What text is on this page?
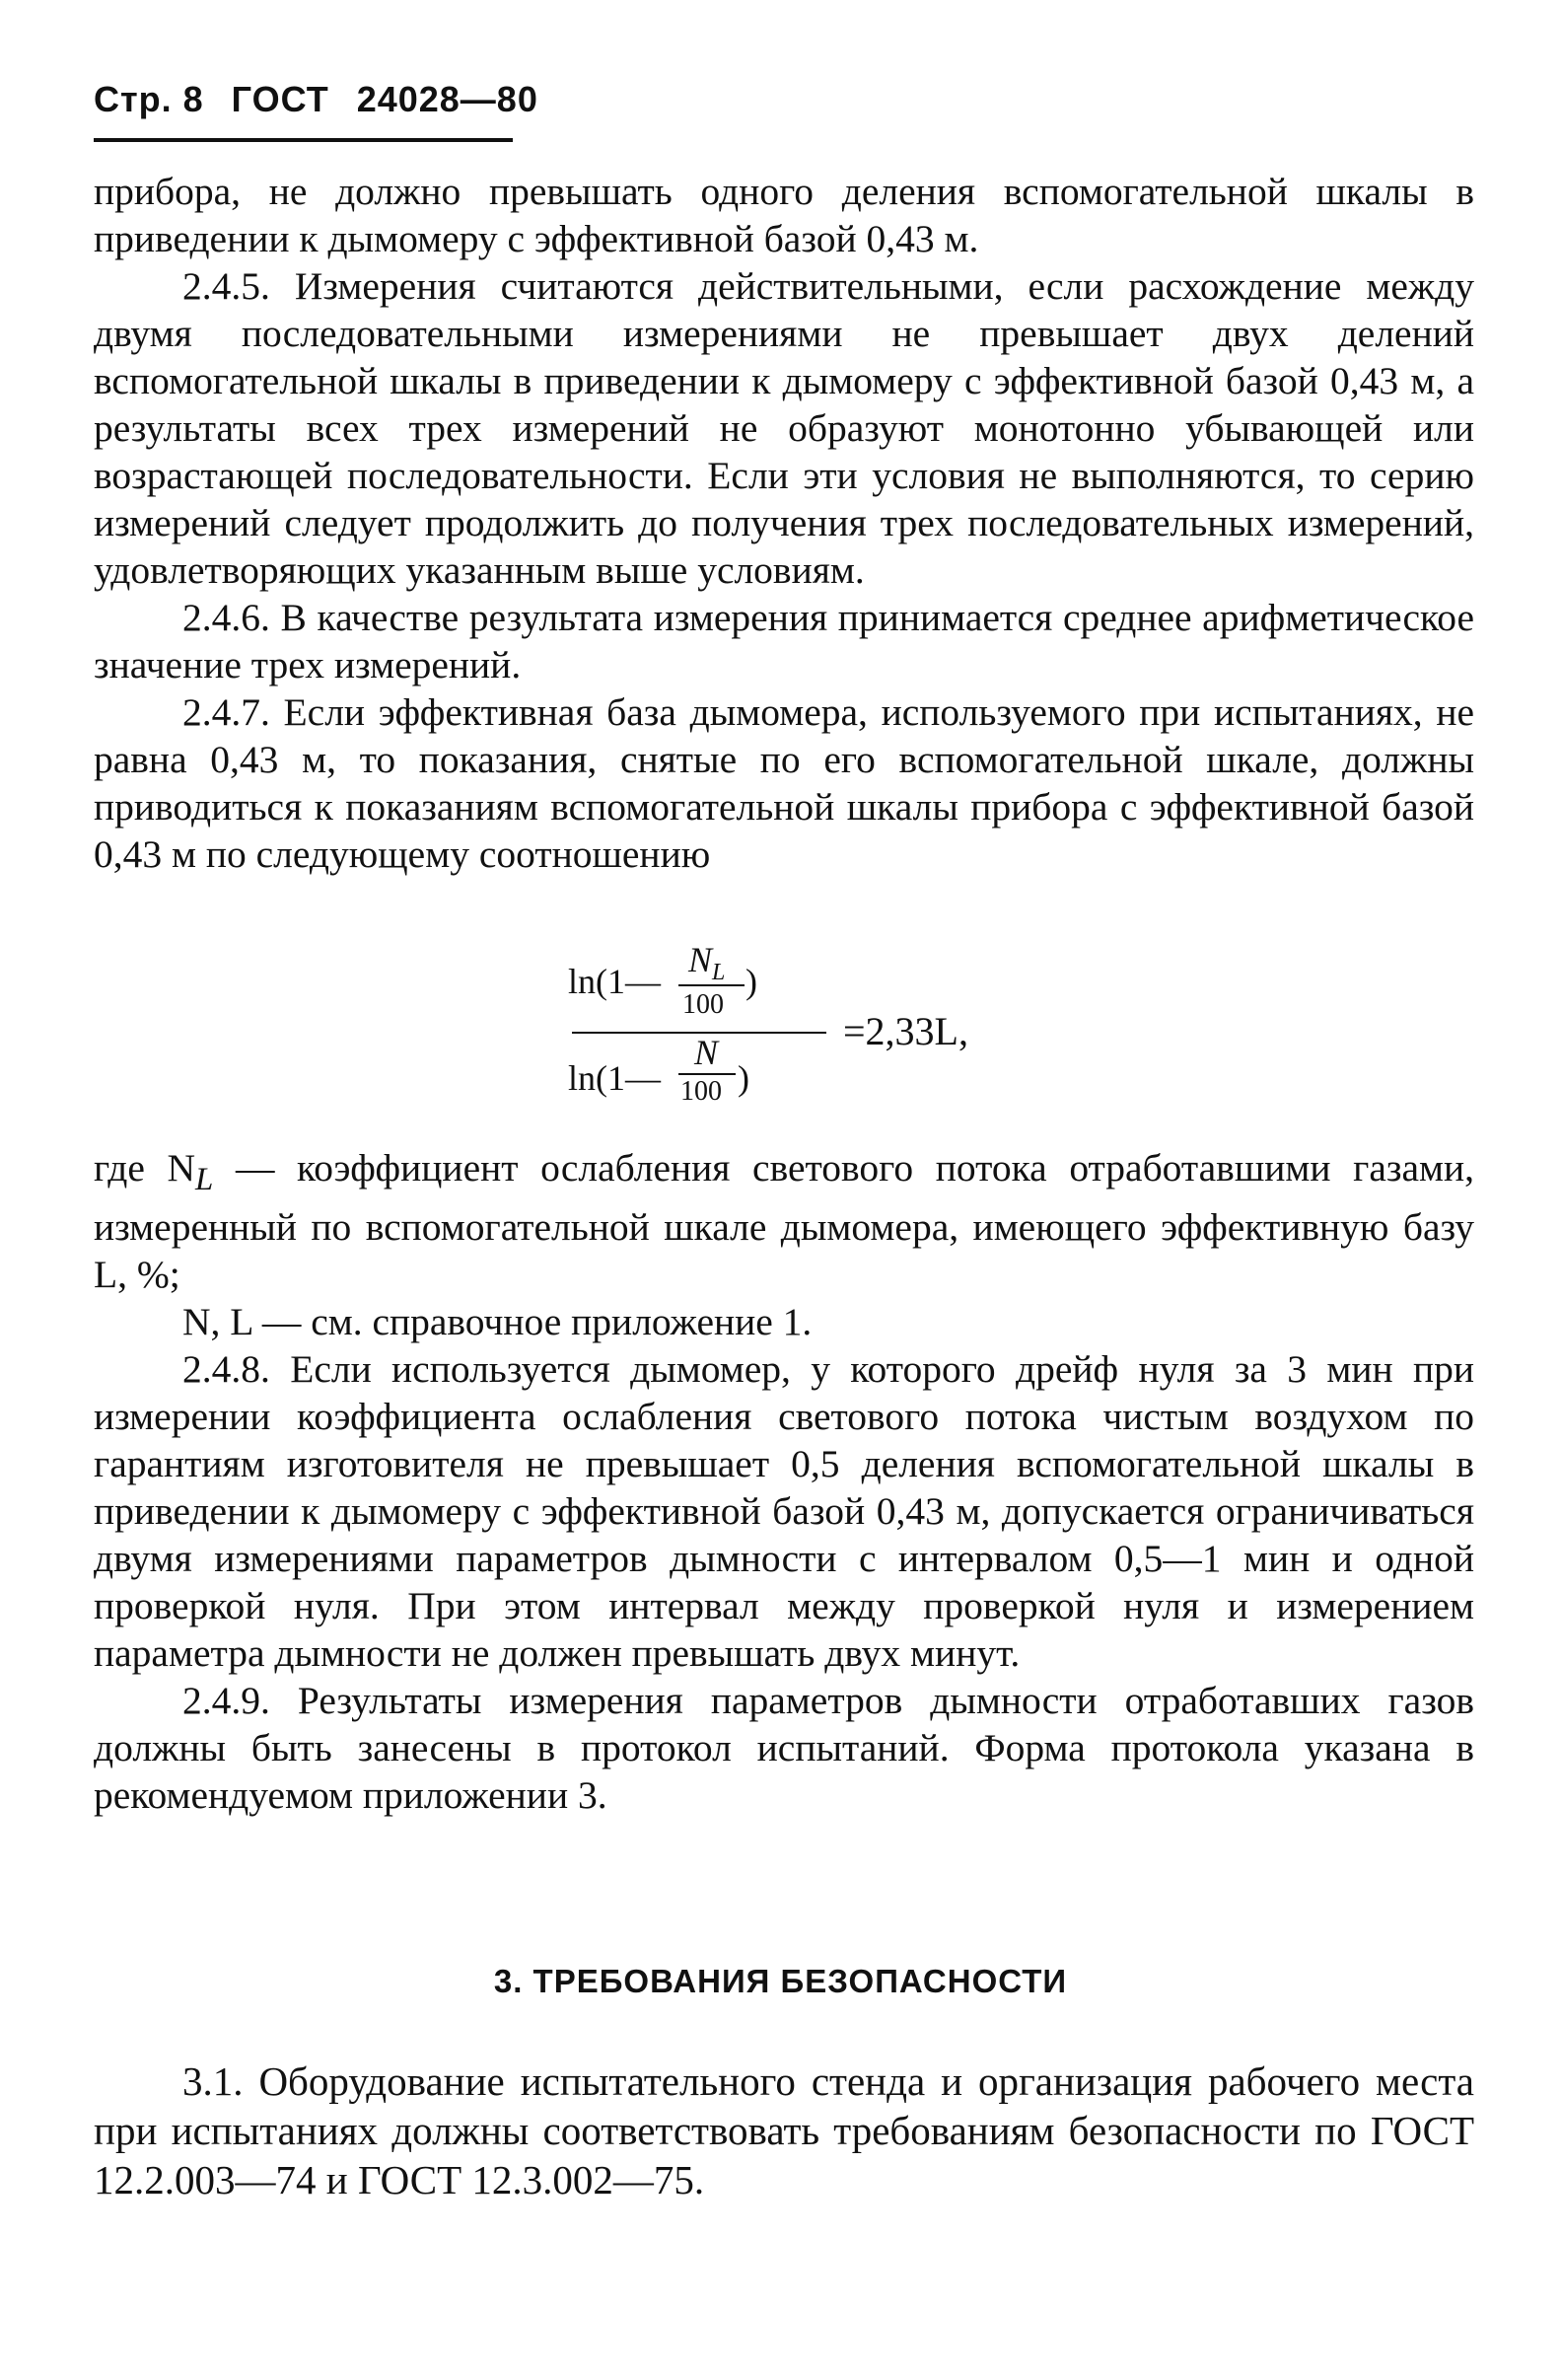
Стр. 8 ГОСТ 24028—80

прибора, не должно превышать одного деления вспомогательной шкалы в приведении к дымомеру с эффективной базой 0,43 м.

2.4.5. Измерения считаются действительными, если расхождение между двумя последовательными измерениями не превышает двух делений вспомогательной шкалы в приведении к дымомеру с эффективной базой 0,43 м, а результаты всех трех измерений не образуют монотонно убывающей или возрастающей последовательности. Если эти условия не выполняются, то серию измерений следует продолжить до получения трех последовательных измерений, удовлетворяющих указанным выше условиям.

2.4.6. В качестве результата измерения принимается среднее арифметическое значение трех измерений.

2.4.7. Если эффективная база дымомера, используемого при испытаниях, не равна 0,43 м, то показания, снятые по его вспомогательной шкале, должны приводиться к показаниям вспомогательной шкалы прибора с эффективной базой 0,43 м по следующему соотношению

ln(1—
N L
100
)
ln(1—
N
100 )
=2,33L,

где $N_L$ — коэффициент ослабления светового потока отработавшими газами, измеренный по вспомогательной шкале дымомера, имеющего эффективную базу L, %;

N, L — см. справочное приложение 1.

2.4.8. Если используется дымомер, у которого дрейф нуля за 3 мин при измерении коэффициента ослабления светового потока чистым воздухом по гарантиям изготовителя не превышает 0,5 деления вспомогательной шкалы в приведении к дымомеру с эффективной базой 0,43 м, допускается ограничиваться двумя измерениями параметров дымности с интервалом 0,5—1 мин и одной проверкой нуля. При этом интервал между проверкой нуля и измерением параметра дымности не должен превышать двух минут.

2.4.9. Результаты измерения параметров дымности отработавших газов должны быть занесены в протокол испытаний. Форма протокола указана в рекомендуемом приложении 3.

3. ТРЕБОВАНИЯ БЕЗОПАСНОСТИ

3.1. Оборудование испытательного стенда и организация рабочего места при испытаниях должны соответствовать требованиям безопасности по ГОСТ 12.2.003—74 и ГОСТ 12.3.002—75.
